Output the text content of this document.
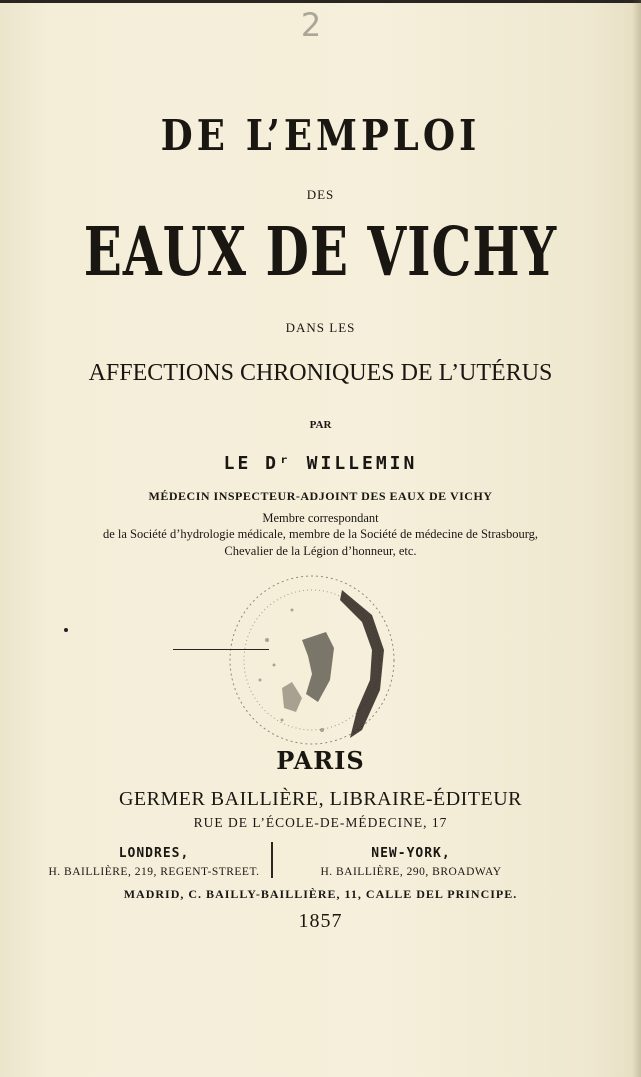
2
DE L’EMPLOI
DES
EAUX DE VICHY
DANS LES
AFFECTIONS CHRONIQUES DE L’UTÉRUS
PAR
LE Dʳ WILLEMIN
MÉDECIN INSPECTEUR-ADJOINT DES EAUX DE VICHY
Membre correspondant
de la Société d’hydrologie médicale, membre de la Société de médecine de Strasbourg,
Chevalier de la Légion d’honneur, etc.
PARIS
GERMER BAILLIÈRE, LIBRAIRE-ÉDITEUR
RUE DE L’ÉCOLE-DE-MÉDECINE, 17
LONDRES,
H. BAILLIÈRE, 219, REGENT-STREET.
NEW-YORK,
H. BAILLIÈRE, 290, BROADWAY
MADRID, C. BAILLY-BAILLIÈRE, 11, CALLE DEL PRINCIPE.
1857
